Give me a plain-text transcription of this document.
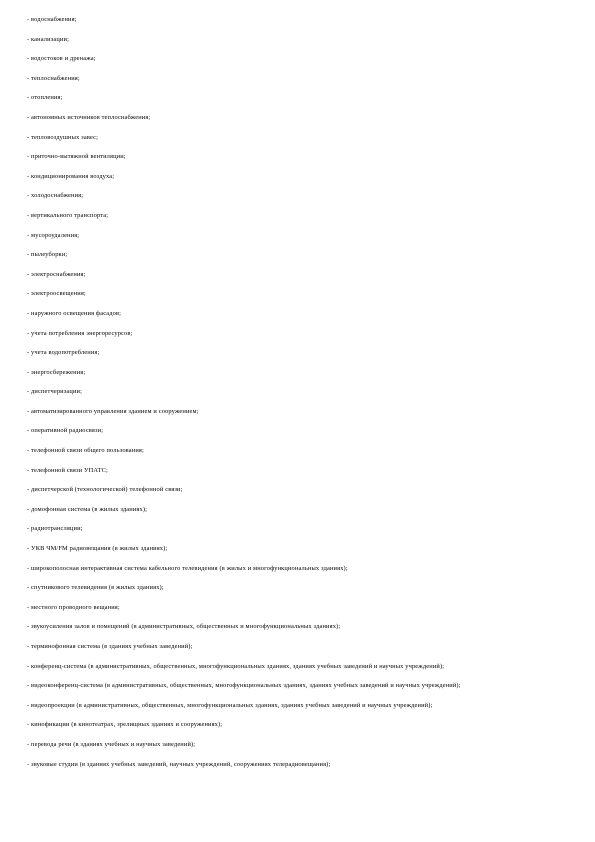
- водоснабжения;
- канализации;
- водостоков и дренажа;
- теплоснабжения;
- отопления;
- автономных источников теплоснабжения;
- тепловоздушных завес;
- приточно-вытяжной вентиляции;
- кондиционирования воздуха;
- холодоснабжения;
- вертикального транспорта;
- мусороудаления;
- пылеуборки;
- электроснабжения;
- электроосвещения;
- наружного освещения фасадов;
- учета потребления энергоресурсов;
- учета водопотребления;
- энергосбережения;
- диспетчеризации;
- автоматизированного управления зданием и сооружением;
- оперативной радиосвязи;
- телефонной связи общего пользования;
- телефонной связи УПАТС;
- диспетчерской (технологической) телефонной связи;
- домофонная система (в жилых зданиях);
- радиотрансляции;
- УКВ ЧМ/FM радиовещания (в жилых зданиях);
- широкополосная интерактивная система кабельного телевидения (в жилых и многофункциональных зданиях);
- спутникового телевидения (в жилых зданиях);
- местного проводного вещания;
- звукоусиления залов и помещений (в административных, общественных и многофункциональных зданиях);
- терминофонная система (в зданиях учебных заведений);
- конференц-система (в административных, общественных, многофункциональных зданиях, зданиях учебных заведений и научных учреждений);
- видеоконференц-система (в административных, общественных, многофункциональных зданиях, зданиях учебных заведений и научных учреждений);
- видеопроекции (в административных, общественных, многофункциональных зданиях, зданиях учебных заведений и научных учреждений);
- кинофикации (в кинотеатрах, зрелищных зданиях и сооружениях);
- перевода речи (в зданиях учебных и научных заведений);
- звуковые студии (в зданиях учебных заведений, научных учреждений, сооружениях телерадиовещания);
